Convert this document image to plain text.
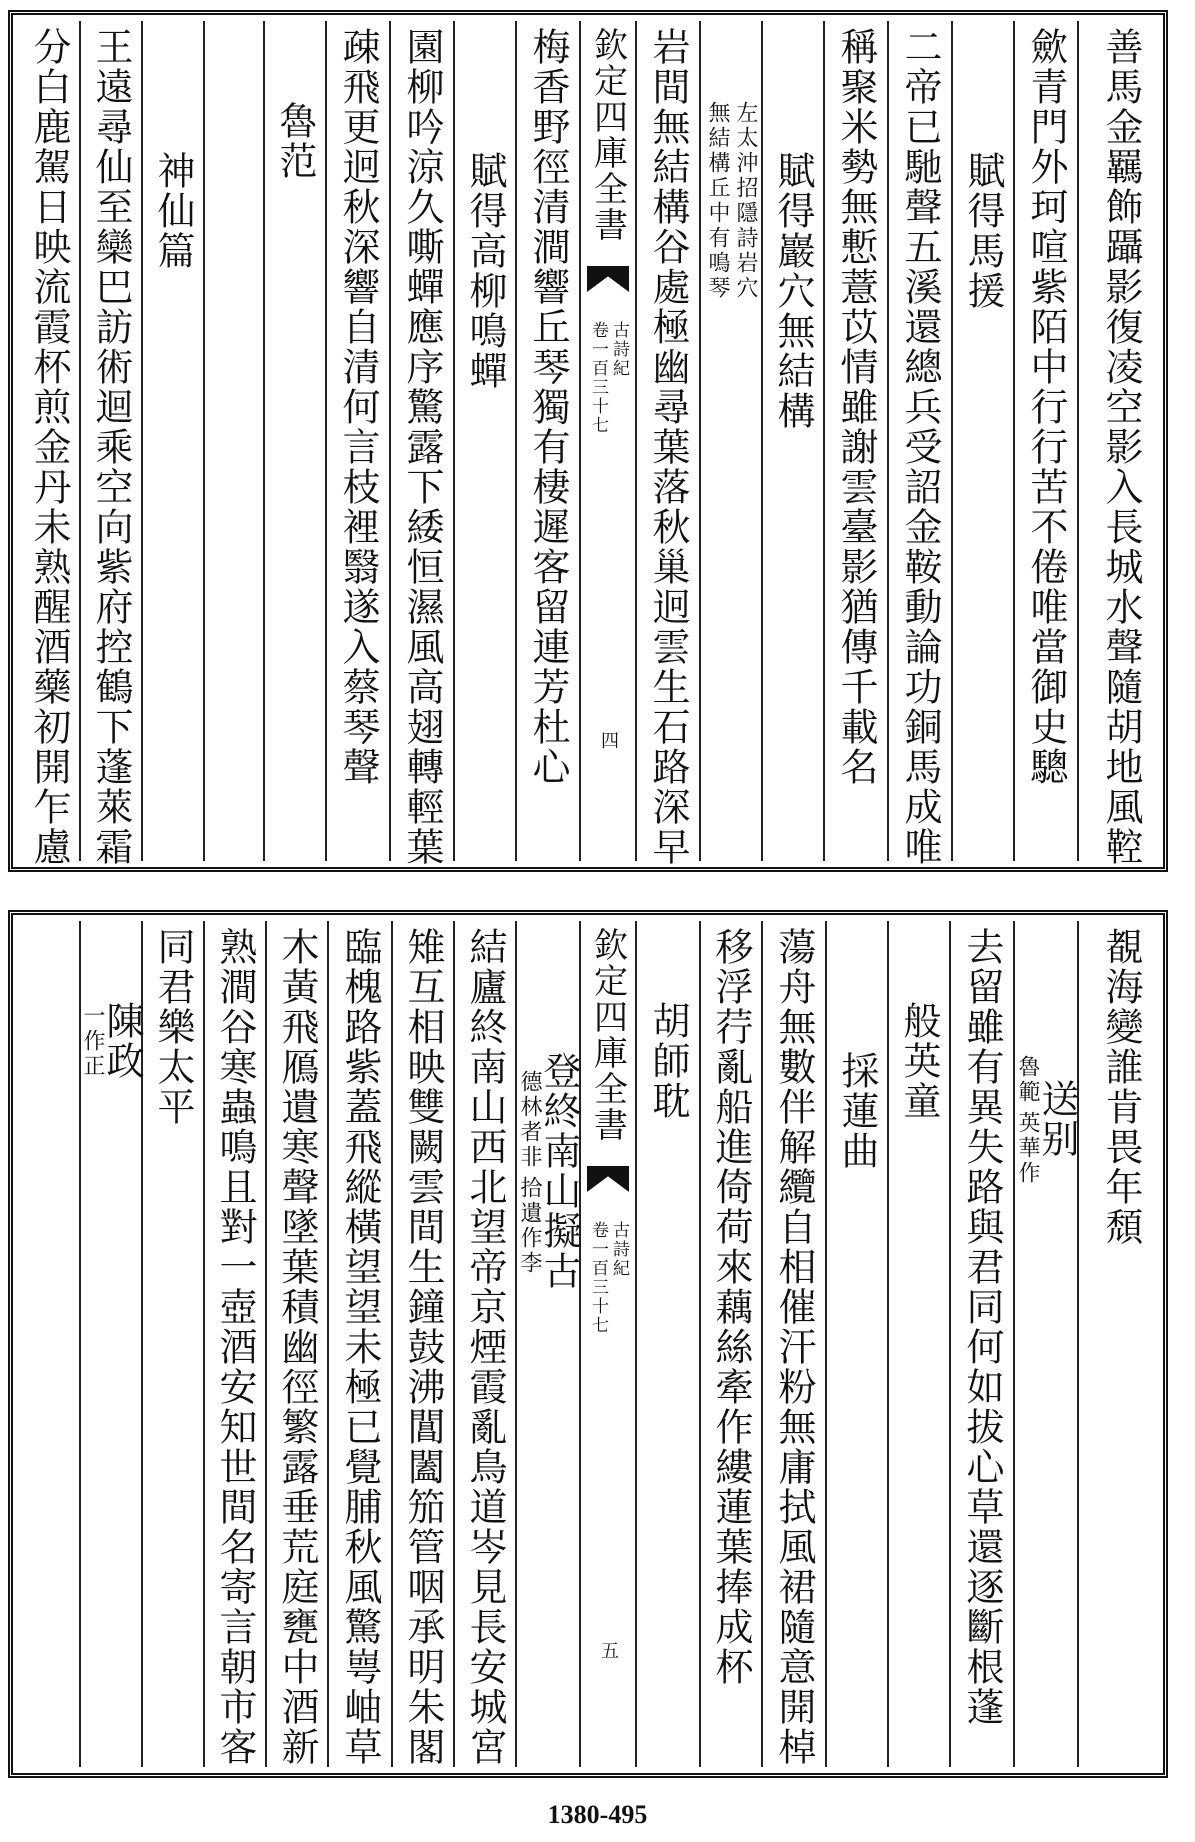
分白鹿駕日映流霞杯煎金丹未熟醒酒藥初開乍慮 王遠尋仙至欒巴訪術迴乘空向紫府控鶴下蓬萊霜 神仙篇
魯范 疎飛更迥秋深響自清何言枝裡翳遂入蔡琴聲 園柳吟涼久嘶蟬應序驚露下緌恒濕風高翅轉輕葉 賦得高柳鳴蟬 梅香野徑清澗響丘琴獨有棲遲客留連芳杜心 欽定四庫全書
古詩紀
卷一百三十七
四 岩間無結構谷處極幽尋葉落秋巢迥雲生石路深早 左太沖招隱詩岩穴
無結構丘中有鳴琴 賦得巖穴無結構 稱聚米勢無慙薏苡情雖謝雲臺影猶傳千載名 二帝已馳聲五溪還總兵受詔金鞍動論功銅馬成唯 賦得馬援 歛青門外珂喧紫陌中行行苦不倦唯當御史驄 善馬金羈飾躡影復凌空影入長城水聲隨胡地風鞚
陳政
一作正 同君樂太平 熟澗谷寒蟲鳴且對一壺酒安知世間名寄言朝市客 木黃飛鴈遺寒聲墜葉積幽徑繁露垂荒庭甕中酒新 臨槐路紫蓋飛縱橫望望未極已覺脯秋風驚㟧岫草 雉互相映雙闕雲間生鐘鼓沸閶闔笳管咽承明朱閣 結廬終南山西北望帝京煙霞亂鳥道岑見長安城宮 登終南山擬古
拾遺作李
德林者非 欽定四庫全書
古詩紀
卷一百三十七
五
胡師耽 移浮荇亂船進倚荷來藕絲牽作縷蓮葉捧成杯 蕩舟無數伴解纜自相催汗粉無庸拭風裙隨意開棹 採蓮曲 般英童 去留雖有異失路與君同何如拔心草還逐斷根蓬 送别
英華作
魯範 覩海變誰肯畏年頹
1380-495
